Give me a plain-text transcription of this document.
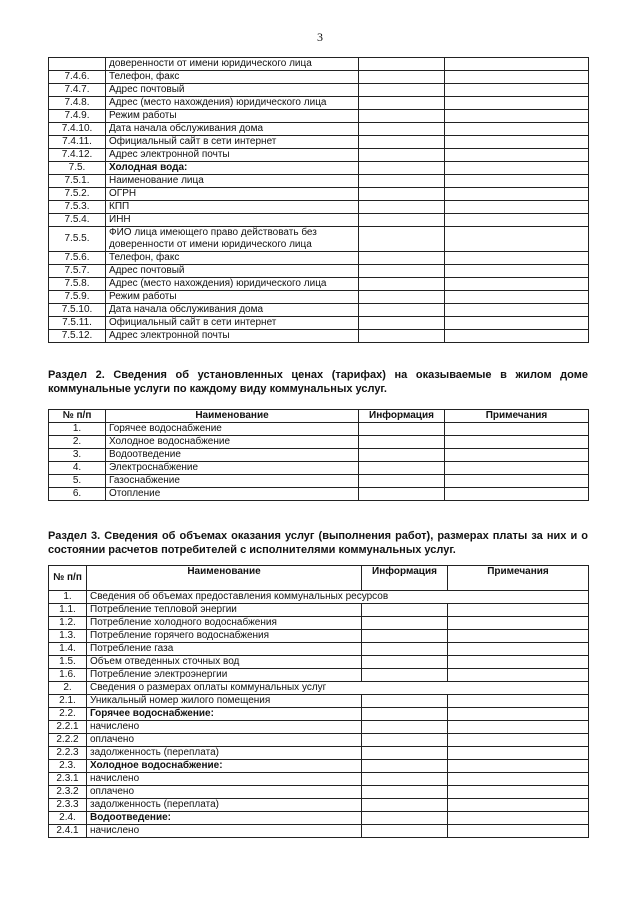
3
	доверенности от имени юридического лица		
7.4.6.	Телефон, факс		
7.4.7.	Адрес почтовый		
7.4.8.	Адрес (место нахождения) юридического лица		
7.4.9.	Режим работы		
7.4.10.	Дата начала обслуживания дома		
7.4.11.	Официальный сайт в сети интернет		
7.4.12.	Адрес электронной почты		
7.5.	Холодная вода:		
7.5.1.	Наименование лица		
7.5.2.	ОГРН		
7.5.3.	КПП		
7.5.4.	ИНН		
7.5.5.	ФИО лица имеющего право действовать без доверенности от имени юридического лица		
7.5.6.	Телефон, факс		
7.5.7.	Адрес почтовый		
7.5.8.	Адрес (место нахождения) юридического лица		
7.5.9.	Режим работы		
7.5.10.	Дата начала обслуживания дома		
7.5.11.	Официальный сайт в сети интернет		
7.5.12.	Адрес электронной почты		
Раздел 2. Сведения об установленных ценах (тарифах) на оказываемые в жилом доме коммунальные услуги по каждому виду коммунальных услуг.
№ п/п	Наименование	Информация	Примечания
1.	Горячее водоснабжение		
2.	Холодное водоснабжение		
3.	Водоотведение		
4.	Электроснабжение		
5.	Газоснабжение		
6.	Отопление		
Раздел 3. Сведения об объемах оказания услуг (выполнения работ), размерах платы за них и о состоянии расчетов потребителей с исполнителями коммунальных услуг.
№ п/п	Наименование	Информация	Примечания
1.	Сведения об объемах предоставления коммунальных ресурсов		
1.1.	Потребление тепловой энергии		
1.2.	Потребление холодного водоснабжения		
1.3.	Потребление горячего водоснабжения		
1.4.	Потребление газа		
1.5.	Объем отведенных сточных вод		
1.6.	Потребление электроэнергии		
2.	Сведения о размерах оплаты коммунальных услуг		
2.1.	Уникальный номер жилого помещения		
2.2.	Горячее водоснабжение:		
2.2.1	начислено		
2.2.2	оплачено		
2.2.3	задолженность (переплата)		
2.3.	Холодное водоснабжение:		
2.3.1	начислено		
2.3.2	оплачено		
2.3.3	задолженность (переплата)		
2.4.	Водоотведение:		
2.4.1	начислено		
